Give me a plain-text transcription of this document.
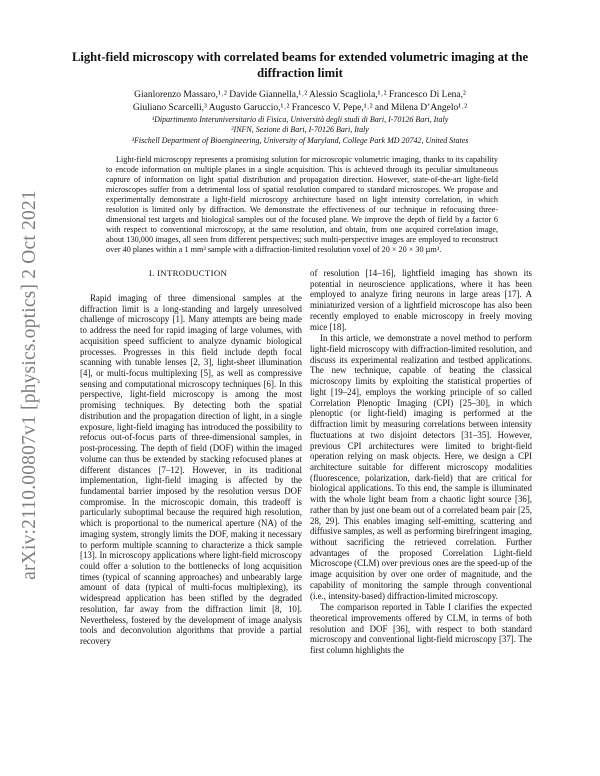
arXiv:2110.00807v1 [physics.optics] 2 Oct 2021
Light-field microscopy with correlated beams for extended volumetric imaging at the diffraction limit
Gianlorenzo Massaro,¹˒² Davide Giannella,¹˒² Alessio Scagliola,¹˒² Francesco Di Lena,²
Giuliano Scarcelli,³ Augusto Garuccio,¹˒² Francesco V. Pepe,¹˒² and Milena D’Angelo¹˒²
¹Dipartimento Interuniversitario di Fisica, Università degli studi di Bari, I-70126 Bari, Italy
²INFN, Sezione di Bari, I-70126 Bari, Italy
³Fischell Department of Bioengineering, University of Maryland, College Park MD 20742, United States
Light-field microscopy represents a promising solution for microscopic volumetric imaging, thanks to its capability to encode information on multiple planes in a single acquisition. This is achieved through its peculiar simultaneous capture of information on light spatial distribution and propagation direction. However, state-of-the-art light-field microscopes suffer from a detrimental loss of spatial resolution compared to standard microscopes. We propose and experimentally demonstrate a light-field microscopy architecture based on light intensity correlation, in which resolution is limited only by diffraction. We demonstrate the effectiveness of our technique in refocusing three-dimensional test targets and biological samples out of the focused plane. We improve the depth of field by a factor 6 with respect to conventional microscopy, at the same resolution, and obtain, from one acquired correlation image, about 130,000 images, all seen from different perspectives; such multi-perspective images are employed to reconstruct over 40 planes within a 1 mm³ sample with a diffraction-limited resolution voxel of 20 × 20 × 30 µm³.
I. INTRODUCTION

Rapid imaging of three dimensional samples at the diffraction limit is a long-standing and largely unresolved challenge of microscopy [1]. Many attempts are being made to address the need for rapid imaging of large volumes, with acquisition speed sufficient to analyze dynamic biological processes. Progresses in this field include depth focal scanning with tunable lenses [2, 3], light-sheet illumination [4], or multi-focus multiplexing [5], as well as compressive sensing and computational microscopy techniques [6]. In this perspective, light-field microscopy is among the most promising techniques. By detecting both the spatial distribution and the propagation direction of light, in a single exposure, light-field imaging has introduced the possibility to refocus out-of-focus parts of three-dimensional samples, in post-processing. The depth of field (DOF) within the imaged volume can thus be extended by stacking refocused planes at different distances [7–12]. However, in its traditional implementation, light-field imaging is affected by the fundamental barrier imposed by the resolution versus DOF compromise. In the microscopic domain, this tradeoff is particularly suboptimal because the required high resolution, which is proportional to the numerical aperture (NA) of the imaging system, strongly limits the DOF, making it necessary to perform multiple scanning to characterize a thick sample [13]. In microscopy applications where light-field microscopy could offer a solution to the bottlenecks of long acquisition times (typical of scanning approaches) and unbearably large amount of data (typical of multi-focus multiplexing), its widespread application has been stifled by the degraded resolution, far away from the diffraction limit [8, 10]. Nevertheless, fostered by the development of image analysis tools and deconvolution algorithms that provide a partial recovery

of resolution [14–16], lightfield imaging has shown its potential in neuroscience applications, where it has been employed to analyze firing neurons in large areas [17]. A miniaturized version of a lightfield microscope has also been recently employed to enable microscopy in freely moving mice [18].

In this article, we demonstrate a novel method to perform light-field microscopy with diffraction-limited resolution, and discuss its experimental realization and testbed applications. The new technique, capable of beating the classical microscopy limits by exploiting the statistical properties of light [19–24], employs the working principle of so called Correlation Plenoptic Imaging (CPI) [25–30], in which plenoptic (or light-field) imaging is performed at the diffraction limit by measuring correlations between intensity fluctuations at two disjoint detectors [31–35]. However, previous CPI architectures were limited to bright-field operation relying on mask objects. Here, we design a CPI architecture suitable for different microscopy modalities (fluorescence, polarization, dark-field) that are critical for biological applications. To this end, the sample is illuminated with the whole light beam from a chaotic light source [36], rather than by just one beam out of a correlated beam pair [25, 28, 29]. This enables imaging self-emitting, scattering and diffusive samples, as well as performing birefringent imaging, without sacrificing the retrieved correlation. Further advantages of the proposed Correlation Light-field Microscope (CLM) over previous ones are the speed-up of the image acquisition by over one order of magnitude, and the capability of monitoring the sample through conventional (i.e., intensity-based) diffraction-limited microscopy.

The comparison reported in Table I clarifies the expected theoretical improvements offered by CLM, in terms of both resolution and DOF [36], with respect to both standard microscopy and conventional light-field microscopy [37]. The first column highlights the
